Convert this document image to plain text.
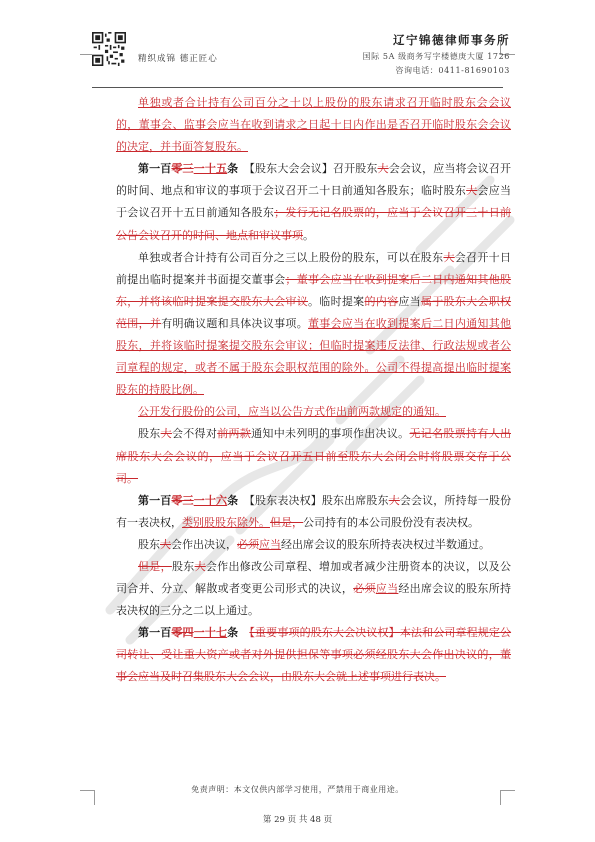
精织成锦 德正匠心
辽宁锦德律师事务所
国际 5A 级商务写字楼德庚大厦 1726
咨询电话：0411-81690103

单独或者合计持有公司百分之十以上股份的股东请求召开临时股东会会议的，董事会、监事会应当在收到请求之日起十日内作出是否召开临时股东会会议的决定，并书面答复股东。

第一百零三一十五条　 【股东大会会议】召开股东大会会议，应当将会议召开的时间、地点和审议的事项于会议召开二十日前通知各股东；临时股东大会应当于会议召开十五日前通知各股东；发行无记名股票的，应当于会议召开三十日前公告会议召开的时间、地点和审议事项。

单独或者合计持有公司百分之三以上股份的股东，可以在股东大会召开十日前提出临时提案并书面提交董事会；董事会应当在收到提案后二日内通知其他股东，并将该临时提案提交股东大会审议。临时提案的内容应当属于股东大会职权范围，并有明确议题和具体决议事项。董事会应当在收到提案后二日内通知其他股东，并将该临时提案提交股东会审议；但临时提案违反法律、行政法规或者公司章程的规定，或者不属于股东会职权范围的除外。公司不得提高提出临时提案股东的持股比例。

公开发行股份的公司，应当以公告方式作出前两款规定的通知。

股东大会不得对前两款通知中未列明的事项作出决议。无记名股票持有人出席股东大会会议的，应当于会议召开五日前至股东大会闭会时将股票交存于公司。

第一百零三一十六条　 【股东表决权】股东出席股东大会会议，所持每一股份有一表决权，类别股股东除外。但是，公司持有的本公司股份没有表决权。

股东大会作出决议，必须应当经出席会议的股东所持表决权过半数通过。

但是，股东大会作出修改公司章程、增加或者减少注册资本的决议，以及公司合并、分立、解散或者变更公司形式的决议，必须应当经出席会议的股东所持表决权的三分之二以上通过。

第一百零四一十七条　 【重要事项的股东大会决议权】本法和公司章程规定公司转让、受让重大资产或者对外提供担保等事项必须经股东大会作出决议的，董事会应当及时召集股东大会会议，由股东大会就上述事项进行表决。

免责声明：本文仅供内部学习使用，严禁用于商业用途。
第 29 页 共 48 页
